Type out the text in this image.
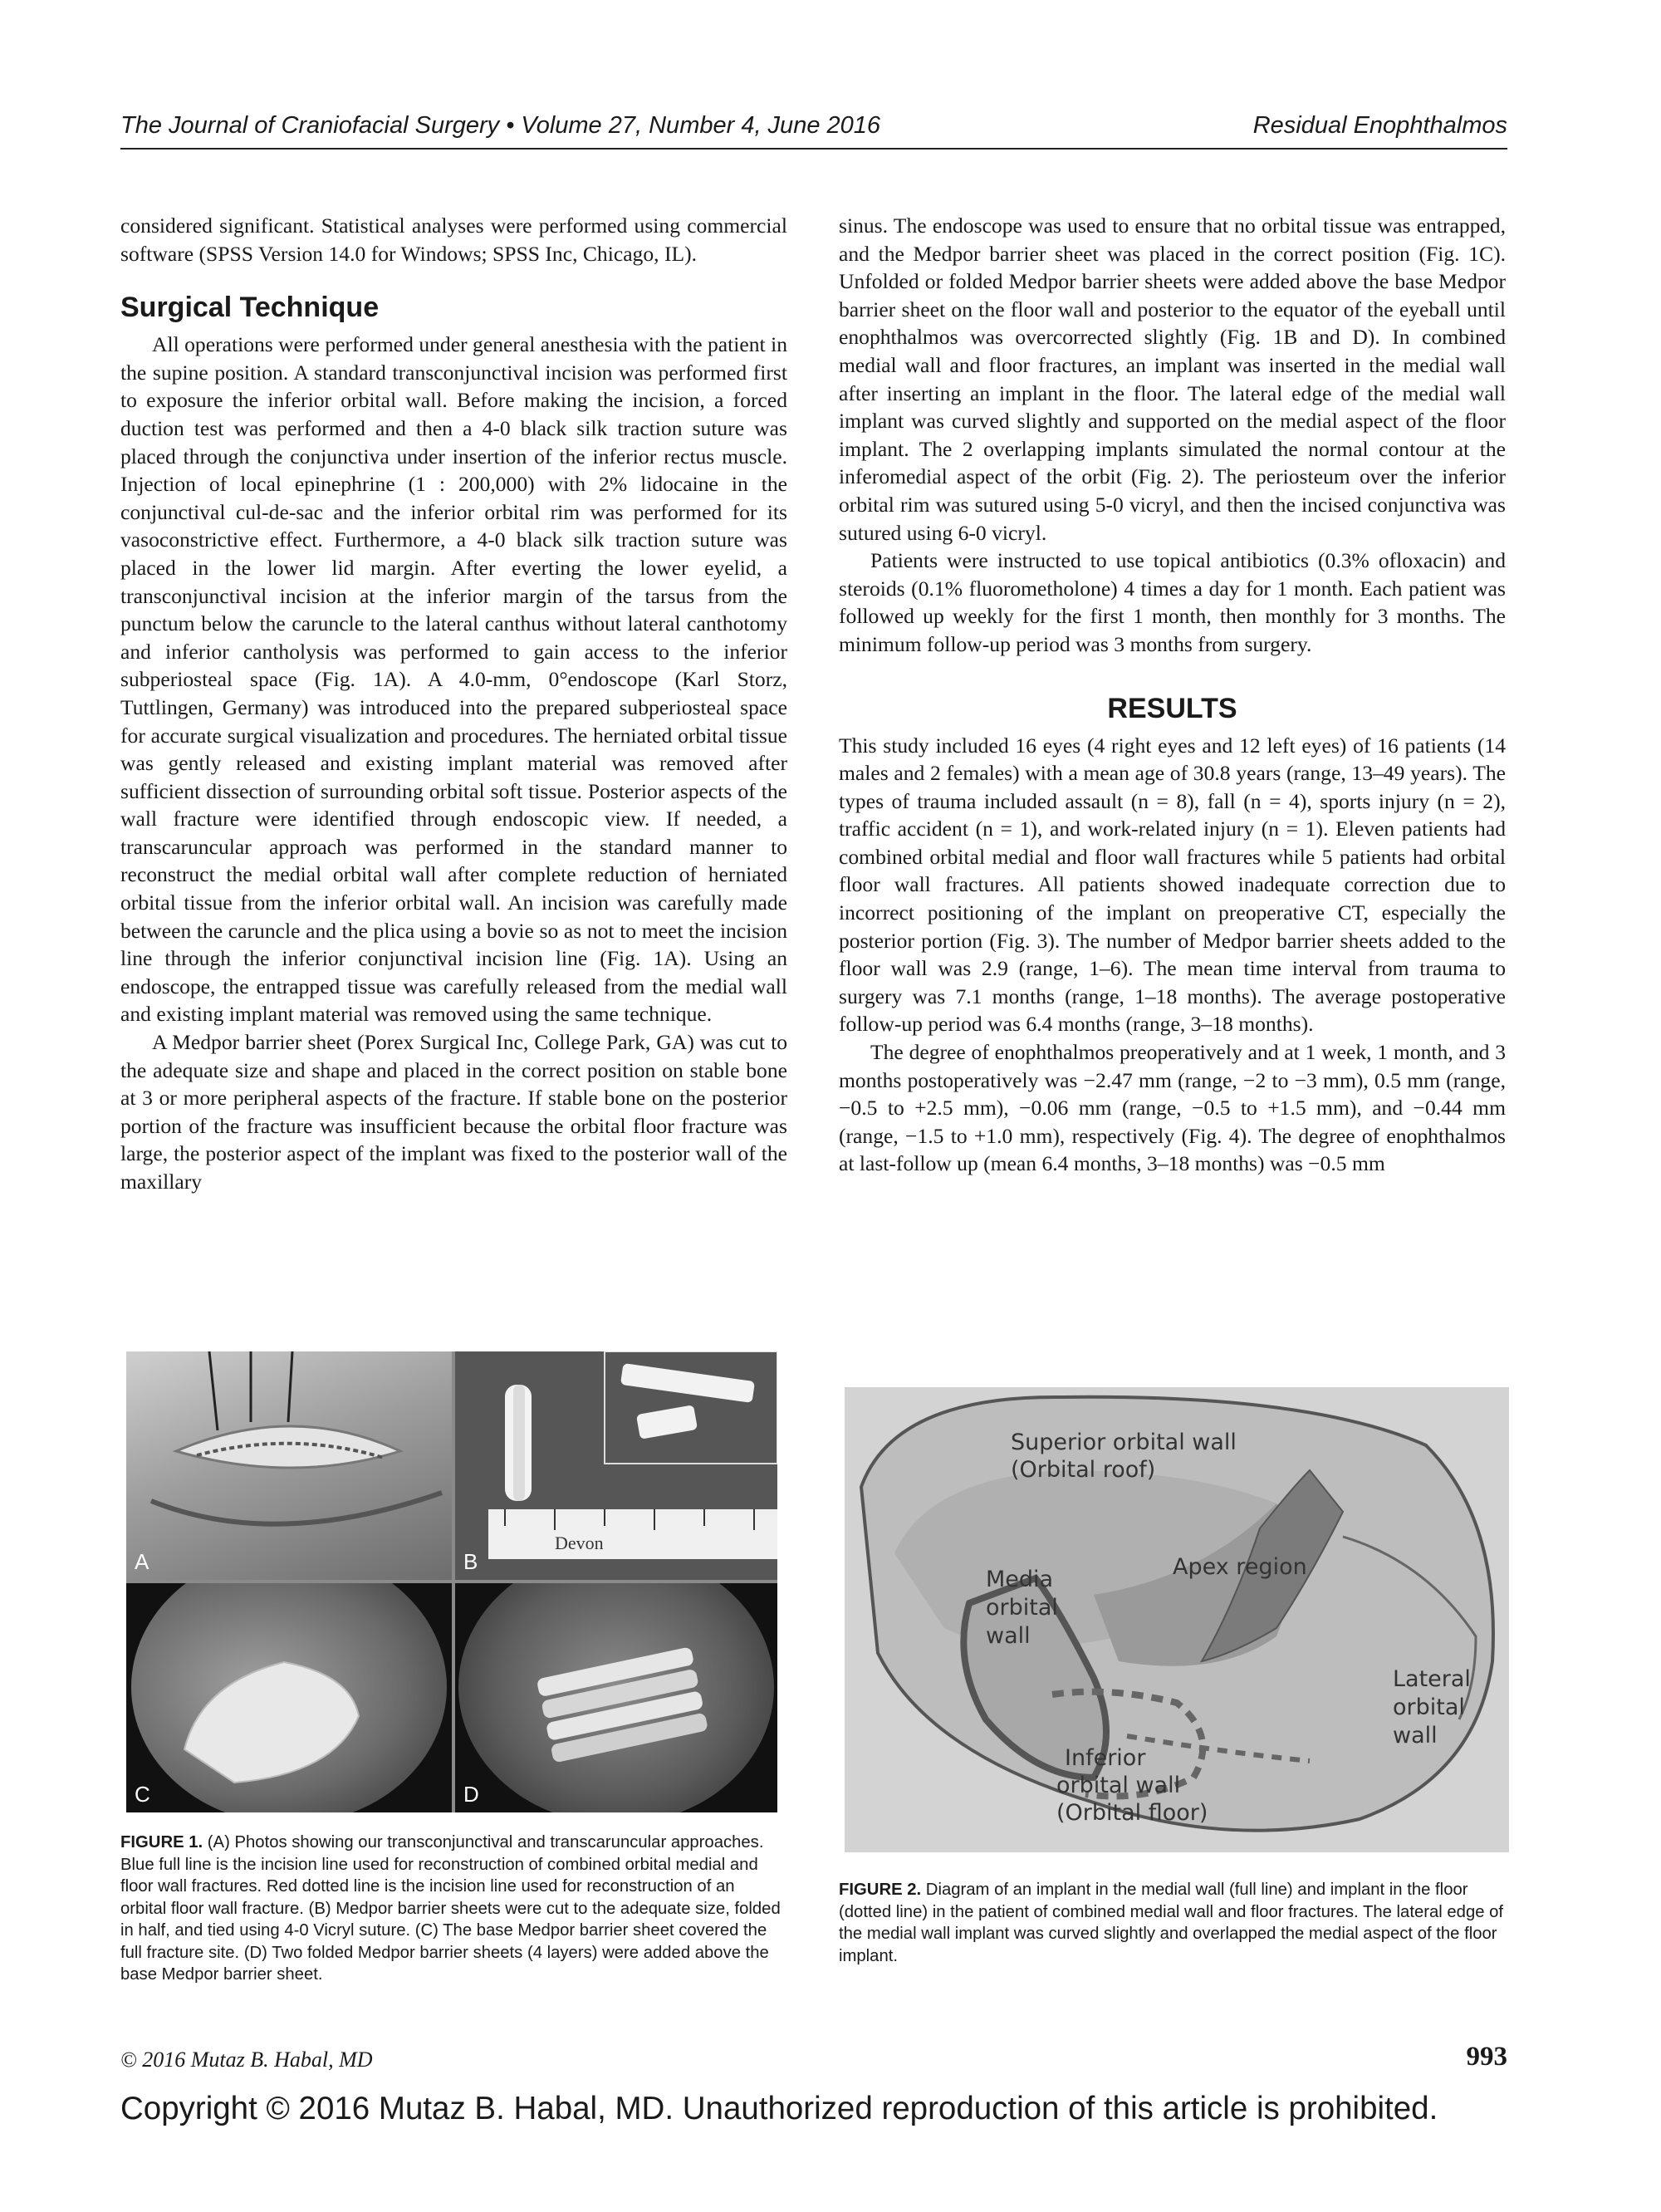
The Journal of Craniofacial Surgery • Volume 27, Number 4, June 2016	Residual Enophthalmos

considered significant. Statistical analyses were performed using commercial software (SPSS Version 14.0 for Windows; SPSS Inc, Chicago, IL).

Surgical Technique

All operations were performed under general anesthesia with the patient in the supine position. A standard transconjunctival incision was performed first to exposure the inferior orbital wall. Before making the incision, a forced duction test was performed and then a 4-0 black silk traction suture was placed through the conjunctiva under insertion of the inferior rectus muscle. Injection of local epinephrine (1 : 200,000) with 2% lidocaine in the conjunctival cul-de-sac and the inferior orbital rim was performed for its vasoconstrictive effect. Furthermore, a 4-0 black silk traction suture was placed in the lower lid margin. After everting the lower eyelid, a transconjunctival incision at the inferior margin of the tarsus from the punctum below the caruncle to the lateral canthus without lateral canthotomy and inferior cantholysis was performed to gain access to the inferior subperiosteal space (Fig. 1A). A 4.0-mm, 0°endoscope (Karl Storz, Tuttlingen, Germany) was introduced into the prepared subperiosteal space for accurate surgical visualization and procedures. The herniated orbital tissue was gently released and existing implant material was removed after sufficient dissection of surrounding orbital soft tissue. Posterior aspects of the wall fracture were identified through endoscopic view. If needed, a transcaruncular approach was performed in the standard manner to reconstruct the medial orbital wall after complete reduction of herniated orbital tissue from the inferior orbital wall. An incision was carefully made between the caruncle and the plica using a bovie so as not to meet the incision line through the inferior conjunctival incision line (Fig. 1A). Using an endoscope, the entrapped tissue was carefully released from the medial wall and existing implant material was removed using the same technique.

A Medpor barrier sheet (Porex Surgical Inc, College Park, GA) was cut to the adequate size and shape and placed in the correct position on stable bone at 3 or more peripheral aspects of the fracture. If stable bone on the posterior portion of the fracture was insufficient because the orbital floor fracture was large, the posterior aspect of the implant was fixed to the posterior wall of the maxillary

sinus. The endoscope was used to ensure that no orbital tissue was entrapped, and the Medpor barrier sheet was placed in the correct position (Fig. 1C). Unfolded or folded Medpor barrier sheets were added above the base Medpor barrier sheet on the floor wall and posterior to the equator of the eyeball until enophthalmos was overcorrected slightly (Fig. 1B and D). In combined medial wall and floor fractures, an implant was inserted in the medial wall after inserting an implant in the floor. The lateral edge of the medial wall implant was curved slightly and supported on the medial aspect of the floor implant. The 2 overlapping implants simulated the normal contour at the inferomedial aspect of the orbit (Fig. 2). The periosteum over the inferior orbital rim was sutured using 5-0 vicryl, and then the incised conjunctiva was sutured using 6-0 vicryl.

Patients were instructed to use topical antibiotics (0.3% ofloxacin) and steroids (0.1% fluorometholone) 4 times a day for 1 month. Each patient was followed up weekly for the first 1 month, then monthly for 3 months. The minimum follow-up period was 3 months from surgery.

RESULTS

This study included 16 eyes (4 right eyes and 12 left eyes) of 16 patients (14 males and 2 females) with a mean age of 30.8 years (range, 13–49 years). The types of trauma included assault (n = 8), fall (n = 4), sports injury (n = 2), traffic accident (n = 1), and work-related injury (n = 1). Eleven patients had combined orbital medial and floor wall fractures while 5 patients had orbital floor wall fractures. All patients showed inadequate correction due to incorrect positioning of the implant on preoperative CT, especially the posterior portion (Fig. 3). The number of Medpor barrier sheets added to the floor wall was 2.9 (range, 1–6). The mean time interval from trauma to surgery was 7.1 months (range, 1–18 months). The average postoperative follow-up period was 6.4 months (range, 3–18 months).

The degree of enophthalmos preoperatively and at 1 week, 1 month, and 3 months postoperatively was −2.47 mm (range, −2 to −3 mm), 0.5 mm (range, −0.5 to +2.5 mm), −0.06 mm (range, −0.5 to +1.5 mm), and −0.44 mm (range, −1.5 to +1.0 mm), respectively (Fig. 4). The degree of enophthalmos at last-follow up (mean 6.4 months, 3–18 months) was −0.5 mm

A
Devon
B
C	D
Superior orbital wall
(Orbital roof)
Apex region
Media
orbital
wall
Lateral
orbital
wall
Inferior
orbital wall
(Orbital floor)
FIGURE 1. (A) Photos showing our transconjunctival and transcaruncular approaches. Blue full line is the incision line used for reconstruction of combined orbital medial and floor wall fractures. Red dotted line is the incision line used for reconstruction of an orbital floor wall fracture. (B) Medpor barrier sheets were cut to the adequate size, folded in half, and tied using 4-0 Vicryl suture. (C) The base Medpor barrier sheet covered the full fracture site. (D) Two folded Medpor barrier sheets (4 layers) were added above the base Medpor barrier sheet.
FIGURE 2. Diagram of an implant in the medial wall (full line) and implant in the floor (dotted line) in the patient of combined medial wall and floor fractures. The lateral edge of the medial wall implant was curved slightly and overlapped the medial aspect of the floor implant.
© 2016 Mutaz B. Habal, MD	993
Copyright © 2016 Mutaz B. Habal, MD. Unauthorized reproduction of this article is prohibited.
